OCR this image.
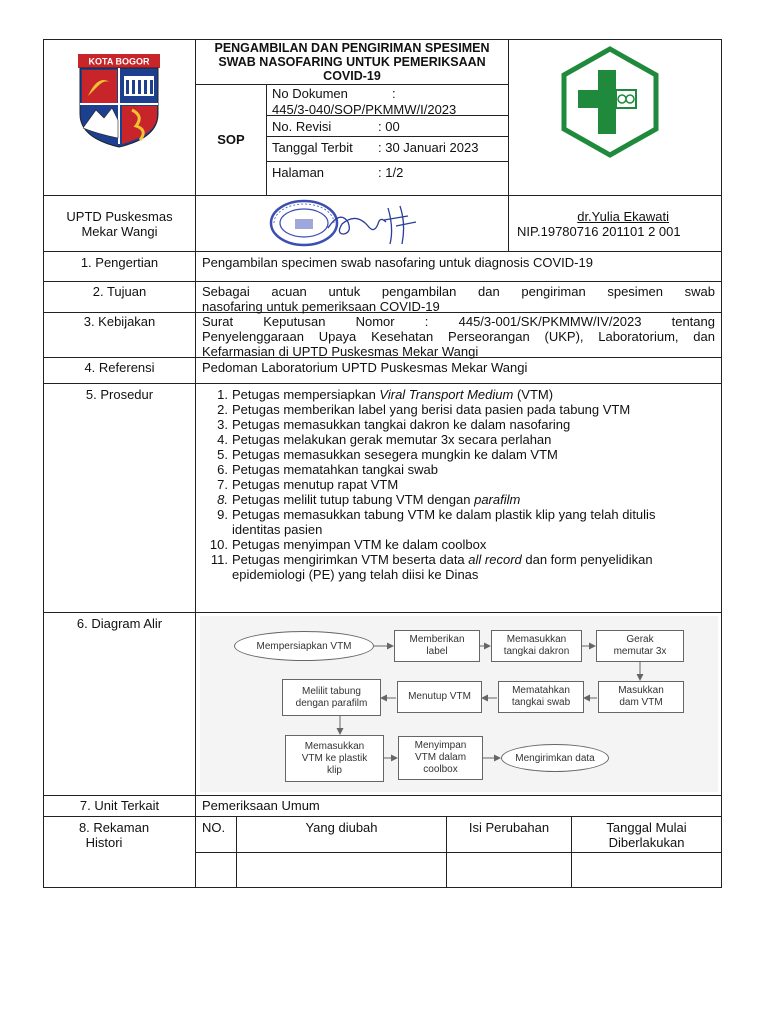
KOTA BOGOR
PENGAMBILAN DAN PENGIRIMAN SPESIMEN SWAB NASOFARING UNTUK PEMERIKSAAN COVID-19
SOP
No Dokumen	:
445/3-040/SOP/PKMMW/I/2023
No. Revisi	: 00
Tanggal Terbit : 30 Januari 2023
Halaman	: 1/2
UPTD Puskesmas
Mekar Wangi
dr.Yulia Ekawati
NIP.19780716 201101 2 001
1. Pengertian	Pengambilan specimen swab nasofaring untuk diagnosis COVID-19
2. Tujuan	Sebagai acuan untuk pengambilan dan pengiriman spesimen swab
nasofaring untuk pemeriksaan COVID-19
3. Kebijakan	Surat Keputusan Nomor : 445/3-001/SK/PKMMW/IV/2023 tentang
Penyelenggaraan Upaya Kesehatan Perseorangan (UKP), Laboratorium, dan
Kefarmasian di UPTD Puskesmas Mekar Wangi
4. Referensi	Pedoman Laboratorium UPTD Puskesmas Mekar Wangi
5. Prosedur	1. Petugas mempersiapkan Viral Transport Medium (VTM)
2. Petugas memberikan label yang berisi data pasien pada tabung VTM
3. Petugas memasukkan tangkai dakron ke dalam nasofaring
4. Petugas melakukan gerak memutar 3x secara perlahan
5. Petugas memasukkan sesegera mungkin ke dalam VTM
6. Petugas mematahkan tangkai swab
7. Petugas menutup rapat VTM
8. Petugas melilit tutup tabung VTM dengan parafilm
9. Petugas memasukkan tabung VTM ke dalam plastik klip yang telah ditulis identitas pasien
10. Petugas menyimpan VTM ke dalam coolbox
11. Petugas mengirimkan VTM beserta data all record dan form penyelidikan epidemiologi (PE) yang telah diisi ke Dinas
6. Diagram Alir
Mempersiapkan VTM
Memberikan label
Memasukkan tangkai dakron
Gerak memutar 3x
Masukkan dam VTM
Mematahkan tangkai swab
Menutup VTM
Melilit tabung dengan parafilm
Memasukkan VTM ke plastik klip
Menyimpan VTM dalam coolbox
Mengirimkan data
7. Unit Terkait	Pemeriksaan Umum
8. Rekaman
Histori
NO.	Yang diubah	Isi Perubahan	Tanggal Mulai
Diberlakukan
